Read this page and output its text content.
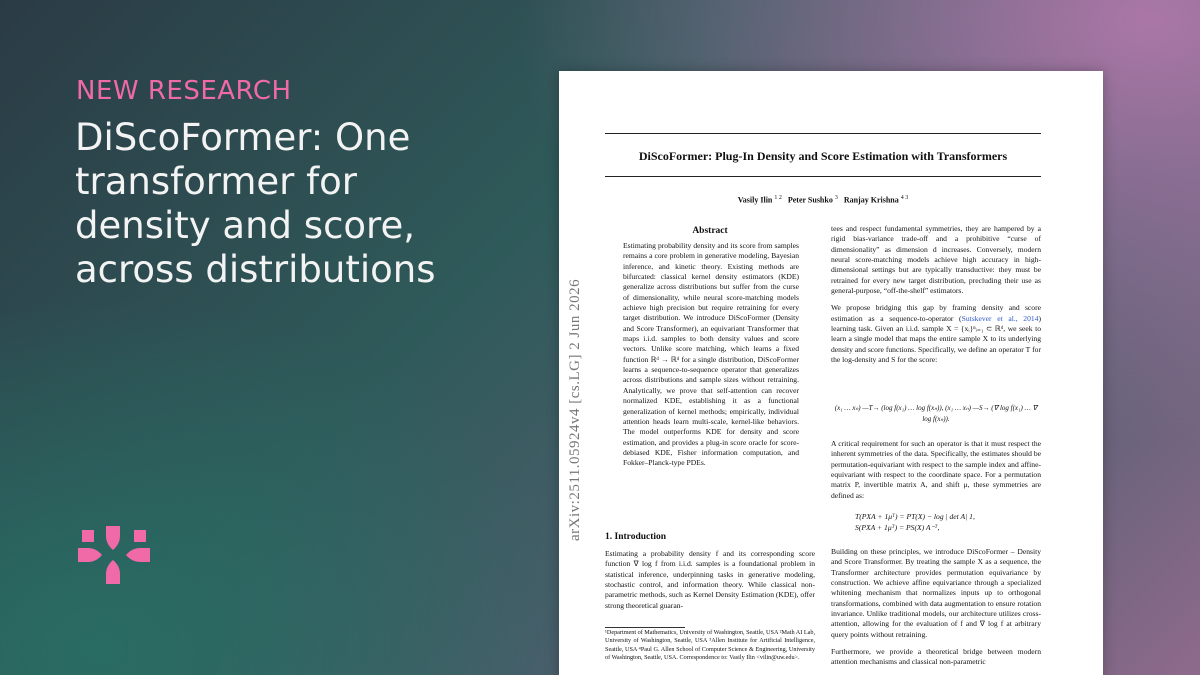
NEW RESEARCH
DiScoFormer: One transformer for density and score, across distributions
DiScoFormer: Plug-In Density and Score Estimation with Transformers
Vasily Ilin $^{1 2}$ Peter Sushko $^3$ Ranjay Krishna $^{4 3}$
arXiv:2511.05924v4 [cs.LG] 2 Jun 2026
Abstract
Estimating probability density and its score from samples remains a core problem in generative modeling, Bayesian inference, and kinetic theory. Existing methods are bifurcated: classical kernel density estimators (KDE) generalize across distributions but suffer from the curse of dimensionality, while neural score-matching models achieve high precision but require retraining for every target distribution. We introduce DiScoFormer (Density and Score Transformer), an equivariant Transformer that maps i.i.d. samples to both density values and score vectors. Unlike score matching, which learns a fixed function ℝᵈ → ℝᵈ for a single distribution, DiScoFormer learns a sequence-to-sequence operator that generalizes across distributions and sample sizes without retraining. Analytically, we prove that self-attention can recover normalized KDE, establishing it as a functional generalization of kernel methods; empirically, individual attention heads learn multi-scale, kernel-like behaviors. The model outperforms KDE for density and score estimation, and provides a plug-in score oracle for score-debiased KDE, Fisher information computation, and Fokker–Planck-type PDEs.
1. Introduction
Estimating a probability density f and its corresponding score function ∇ log f from i.i.d. samples is a foundational problem in statistical inference, underpinning tasks in generative modeling, stochastic control, and information theory. While classical non-parametric methods, such as Kernel Density Estimation (KDE), offer strong theoretical guaran-
¹Department of Mathematics, University of Washington, Seattle, USA ²Math AI Lab, University of Washington, Seattle, USA ³Allen Institute for Artificial Intelligence, Seattle, USA ⁴Paul G. Allen School of Computer Science & Engineering, University of Washington, Seattle, USA. Correspondence to: Vasily Ilin <vilin@uw.edu>.

tees and respect fundamental symmetries, they are hampered by a rigid bias-variance trade-off and a prohibitive “curse of dimensionality” as dimension d increases. Conversely, modern neural score-matching models achieve high accuracy in high-dimensional settings but are typically transductive: they must be retrained for every new target distribution, precluding their use as general-purpose, “off-the-shelf” estimators.

We propose bridging this gap by framing density and score estimation as a sequence-to-operator (Sutskever et al., 2014) learning task. Given an i.i.d. sample X = {xᵢ}ⁿᵢ₌₁ ⊂ ℝᵈ, we seek to learn a single model that maps the entire sample X to its underlying density and score functions. Specifically, we define an operator T for the log-density and S for the score:

(x₁ … xₙ) —T→ (log f(x₁) … log f(xₙ)), (x₁ … xₙ) —S→ (∇ log f(x₁) … ∇ log f(xₙ)).
A critical requirement for such an operator is that it must respect the inherent symmetries of the data. Specifically, the estimates should be permutation-equivariant with respect to the sample index and affine-equivariant with respect to the coordinate space. For a permutation matrix P, invertible matrix A, and shift μ, these symmetries are defined as:
T(PXA + 1μᵀ) = PT(X) − log | det A| 1,
S(PXA + 1μᵀ) = PS(X) A⁻ᵀ,

Building on these principles, we introduce DiScoFormer – Density and Score Transformer. By treating the sample X as a sequence, the Transformer architecture provides permutation equivariance by construction. We achieve affine equivariance through a specialized whitening mechanism that normalizes inputs up to orthogonal transformations, combined with data augmentation to ensure rotation invariance. Unlike traditional models, our architecture utilizes cross-attention, allowing for the evaluation of f and ∇ log f at arbitrary query points without retraining.

Furthermore, we provide a theoretical bridge between modern attention mechanisms and classical non-parametric
